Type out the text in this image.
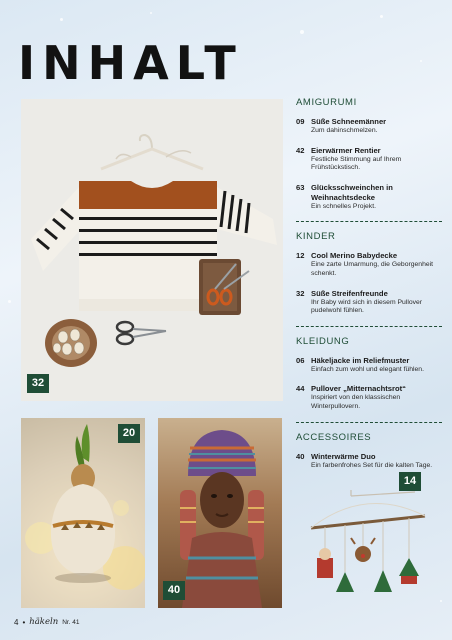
INHALT
32
20
40
14
AMIGURUMI
09 Süße Schneemänner
Zum dahinschmelzen.
42 Eierwärmer Rentier
Festliche Stimmung auf Ihrem Frühstückstisch.
63 Glücksschweinchen in Weihnachtsdecke
Ein schnelles Projekt.
KINDER
12 Cool Merino Babydecke
Eine zarte Umarmung, die Geborgenheit schenkt.
32 Süße Streifenfreunde
Ihr Baby wird sich in diesem Pullover pudelwohl fühlen.
KLEIDUNG
06 Häkeljacke im Reliefmuster
Einfach zum wohl und elegant fühlen.
44 Pullover „Mitternachtsrot“
Inspiriert von den klassischen Winterpullovern.
ACCESSOIRES
40 Winterwärme Duo
Ein farbenfrohes Set für die kalten Tage.
4 • häkeln Nr. 41
